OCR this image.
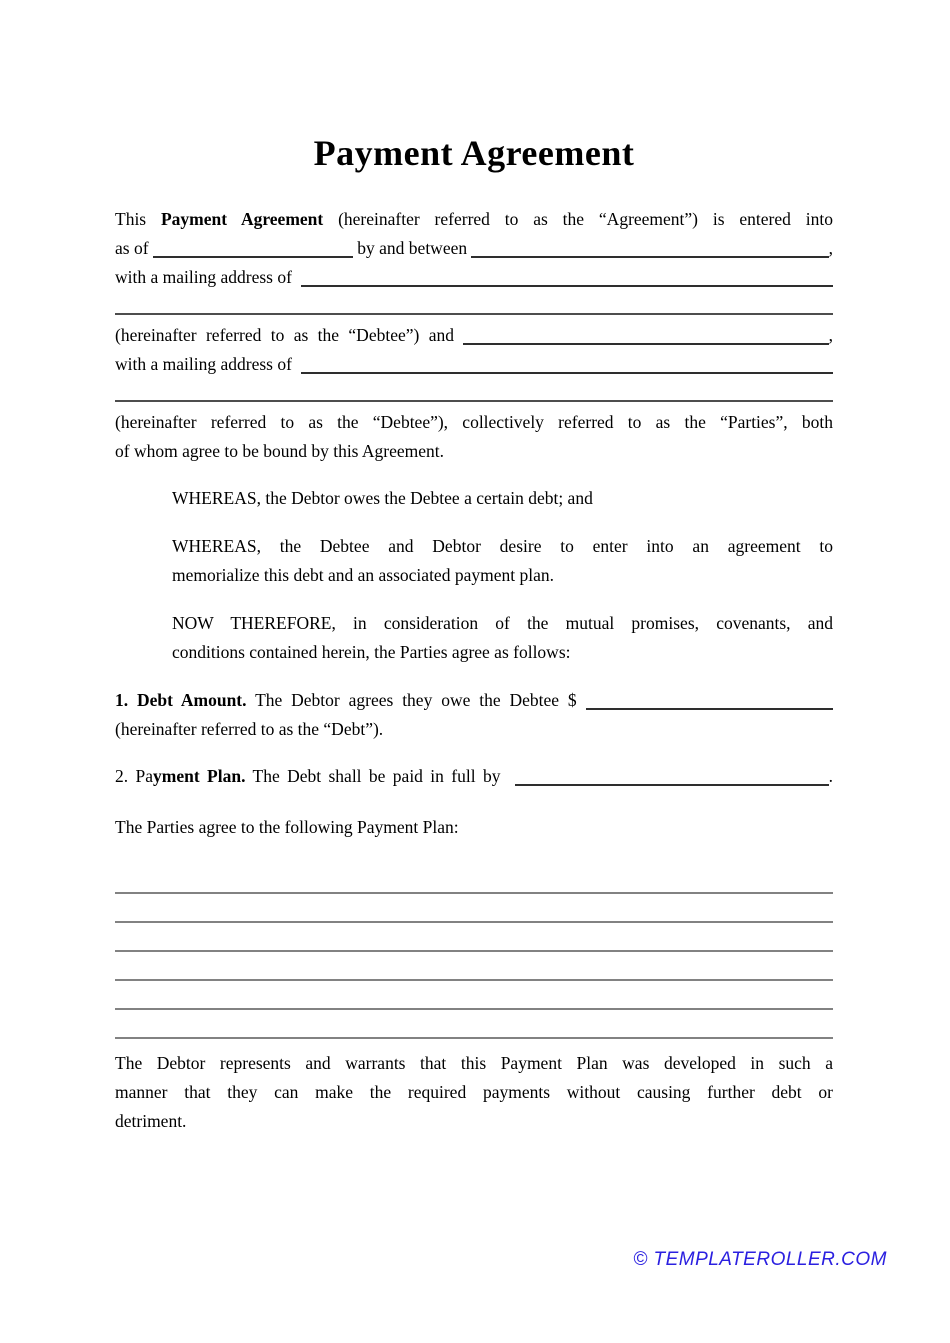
Payment Agreement
This Payment Agreement (hereinafter referred to as the “Agreement”) is entered into
as of	by and between	,
with a mailing address of
(hereinafter referred to as the “Debtee”) and	,
with a mailing address of
(hereinafter referred to as the “Debtee”), collectively referred to as the “Parties”, both
of whom agree to be bound by this Agreement.
WHEREAS, the Debtor owes the Debtee a certain debt; and
WHEREAS, the Debtee and Debtor desire to enter into an agreement to
memorialize this debt and an associated payment plan.
NOW THEREFORE, in consideration of the mutual promises, covenants, and
conditions contained herein, the Parties agree as follows:
1. Debt Amount. The Debtor agrees they owe the Debtee $
(hereinafter referred to as the “Debt”).
2. Pa yment Plan. The Debt shall be paid in full by	.
The Parties agree to the following Payment Plan:
The Debtor represents and warrants that this Payment Plan was developed in such a
manner that they can make the required payments without causing further debt or
detriment.
© TEMPLATEROLLER.COM
